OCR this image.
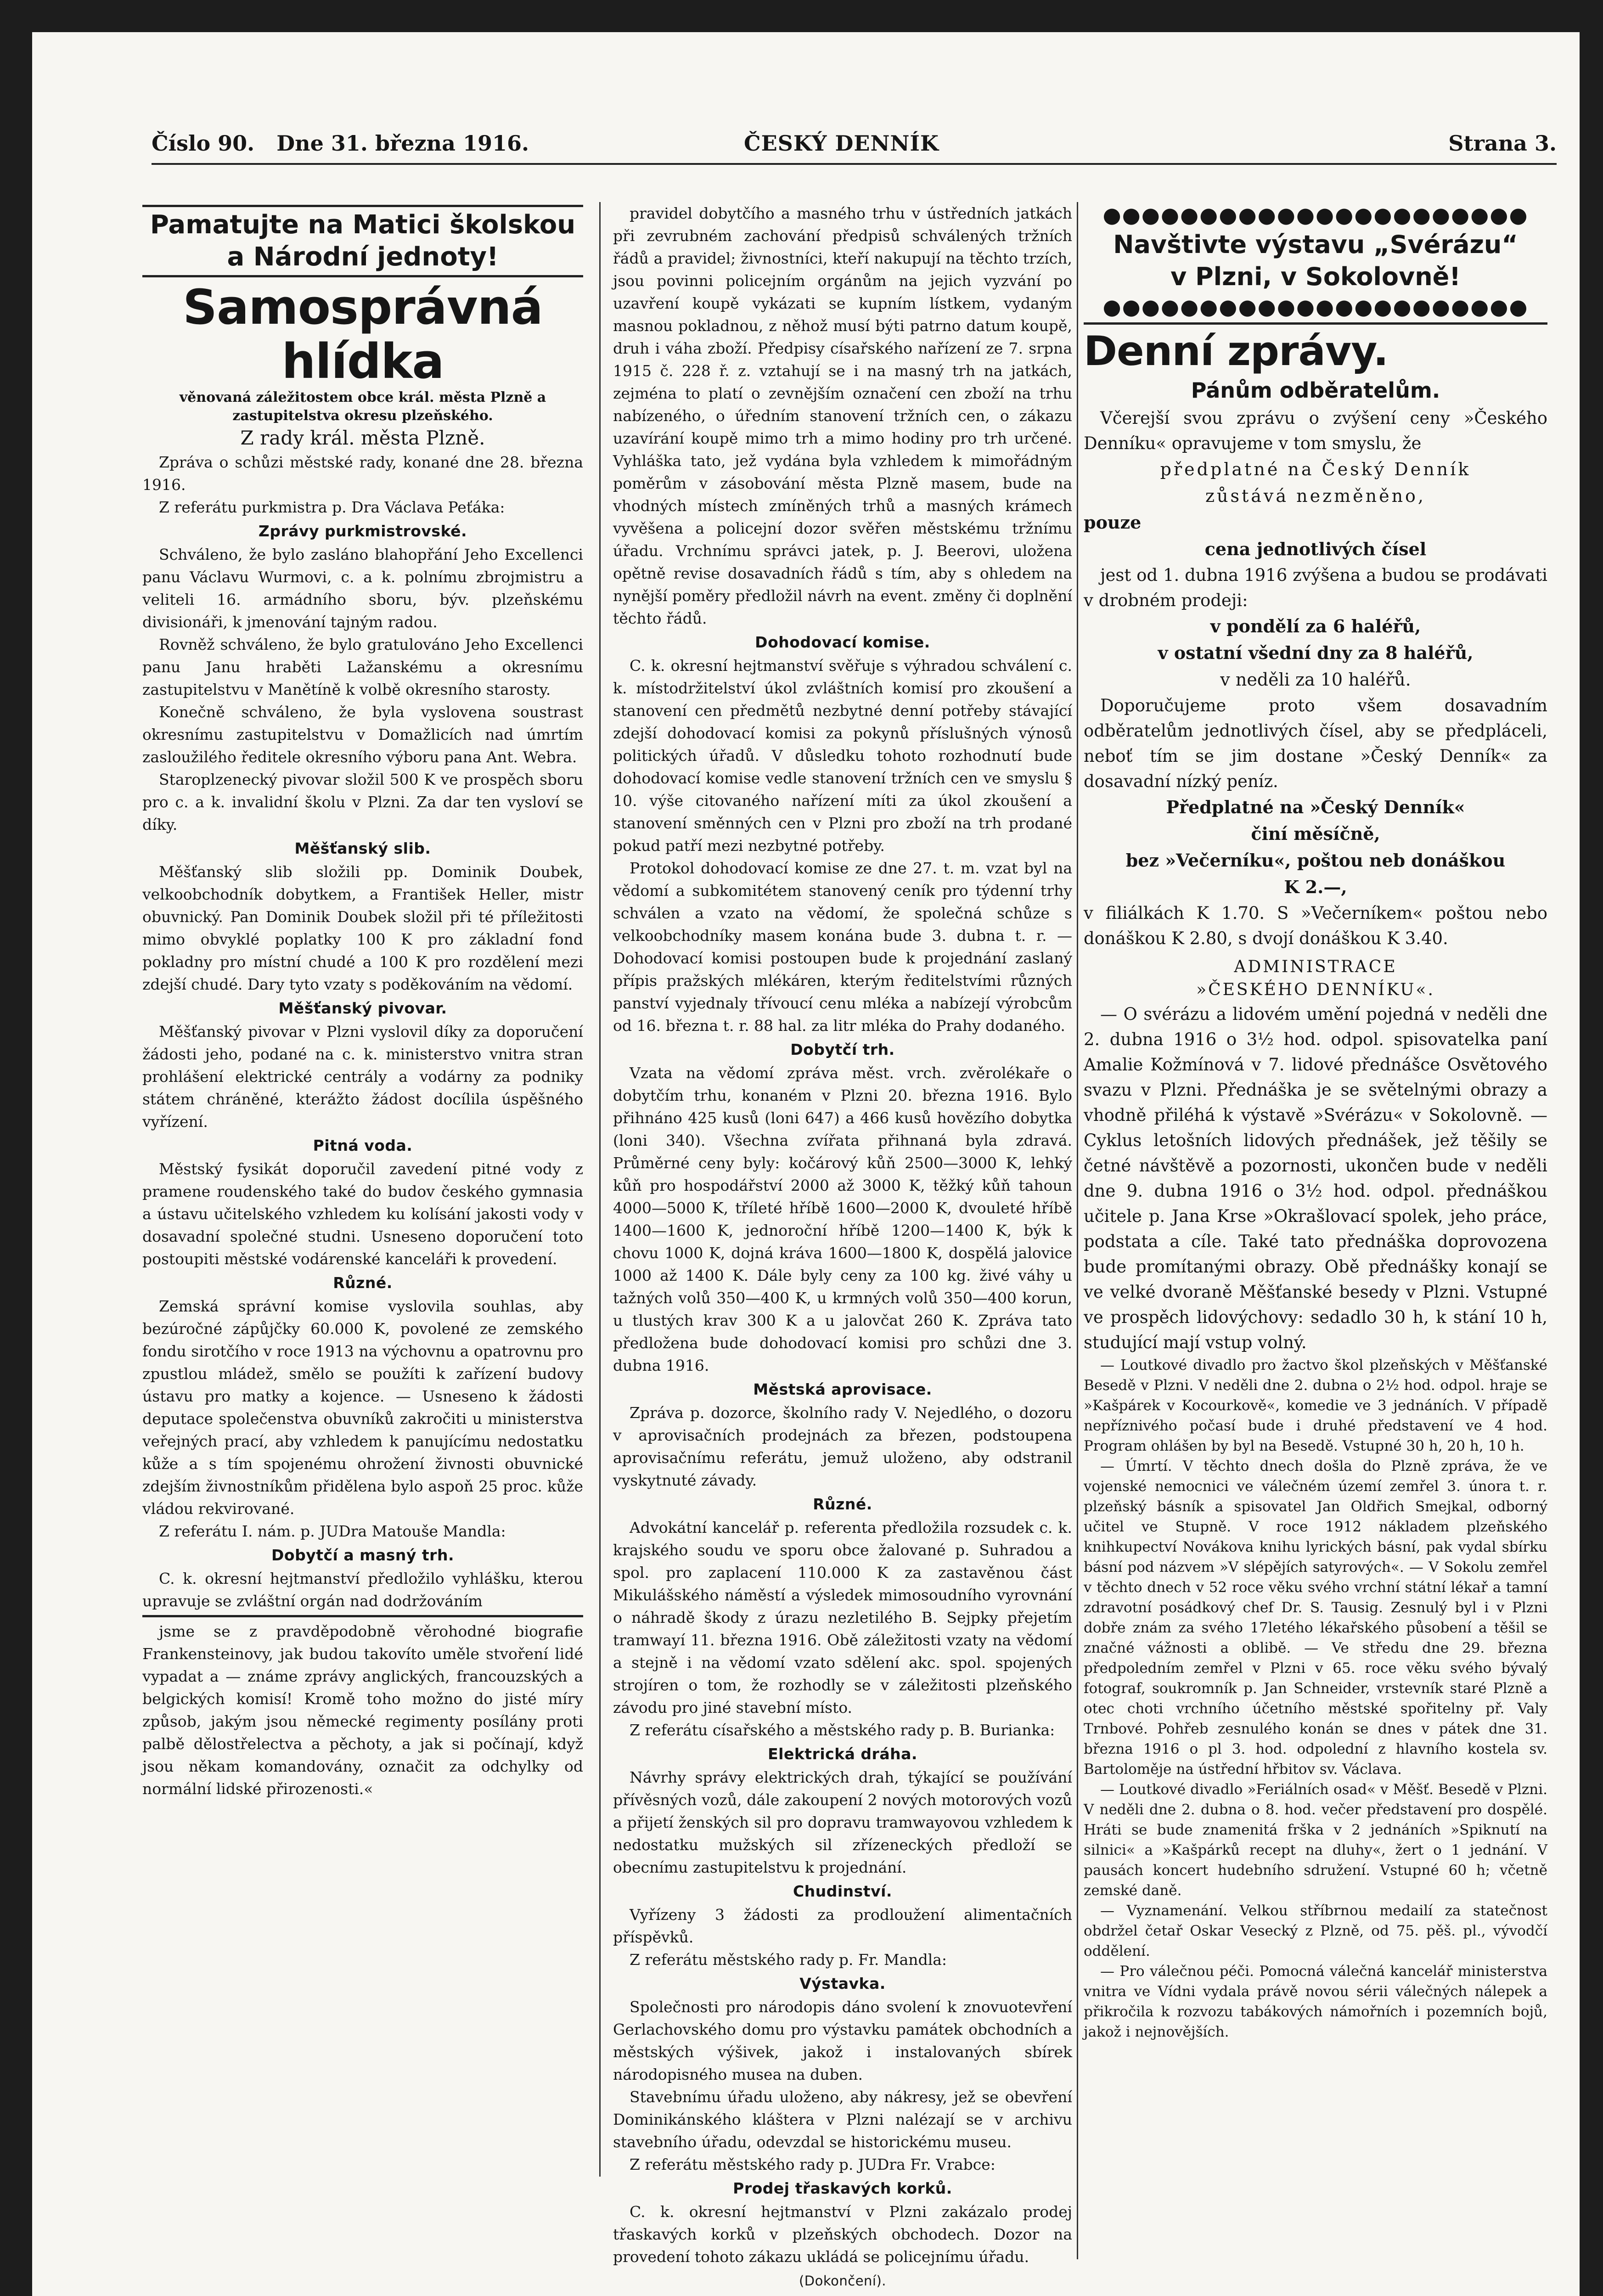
Číslo 90. Dne 31. března 1916.	ČESKÝ DENNÍK	Strana 3.
Pamatujte na Matici školskou
a Národní jednoty!
Samosprávná hlídka
věnovaná záležitostem obce král. města Plzně a zastupitelstva okresu plzeňského.
Z rady král. města Plzně.

Zpráva o schůzi městské rady, konané dne 28. března 1916.

Z referátu purkmistra p. Dra Václava Peťáka:

Zprávy purkmistrovské.

Schváleno, že bylo zasláno blahopřání Jeho Excellenci panu Václavu Wurmovi, c. a k. polnímu zbrojmistru a veliteli 16. armádního sboru, býv. plzeňskému divisionáři, k jmenování tajným radou.

Rovněž schváleno, že bylo gratulováno Jeho Excellenci panu Janu hraběti Lažanskému a okresnímu zastupitelstvu v Manětíně k volbě okresního starosty.

Konečně schváleno, že byla vyslovena soustrast okresnímu zastupitelstvu v Domažlicích nad úmrtím zasloužilého ředitele okresního výboru pana Ant. Webra.

Staroplzenecký pivovar složil 500 K ve prospěch sboru pro c. a k. invalidní školu v Plzni. Za dar ten vysloví se díky.

Měšťanský slib.

Měšťanský slib složili pp. Dominik Doubek, velkoobchodník dobytkem, a František Heller, mistr obuvnický. Pan Dominik Doubek složil při té příležitosti mimo obvyklé poplatky 100 K pro základní fond pokladny pro místní chudé a 100 K pro rozdělení mezi zdejší chudé. Dary tyto vzaty s poděkováním na vědomí.

Měšťanský pivovar.

Měšťanský pivovar v Plzni vyslovil díky za doporučení žádosti jeho, podané na c. k. ministerstvo vnitra stran prohlášení elektrické centrály a vodárny za podniky státem chráněné, kterážto žádost docílila úspěšného vyřízení.

Pitná voda.

Městský fysikát doporučil zavedení pitné vody z pramene roudenského také do budov českého gymnasia a ústavu učitelského vzhledem ku kolísání jakosti vody v dosavadní společné studni. Usneseno doporučení toto postoupiti městské vodárenské kanceláři k provedení.

Různé.

Zemská správní komise vyslovila souhlas, aby bezúročné zápůjčky 60.000 K, povolené ze zemského fondu sirotčího v roce 1913 na výchovnu a opatrovnu pro zpustlou mládež, smělo se použíti k zařízení budovy ústavu pro matky a kojence. — Usneseno k žádosti deputace společenstva obuvníků zakročiti u ministerstva veřejných prací, aby vzhledem k panujícímu nedostatku kůže a s tím spojenému ohrožení živnosti obuvnické zdejším živnostníkům přidělena bylo aspoň 25 proc. kůže vládou rekvirované.

Z referátu I. nám. p. JUDra Matouše Mandla:

Dobytčí a masný trh.

C. k. okresní hejtmanství předložilo vyhlášku, kterou upravuje se zvláštní orgán nad dodržováním

jsme se z pravděpodobně věrohodné biografie Frankensteinovy, jak budou takovíto uměle stvoření lidé vypadat a — známe zprávy anglických, francouzských a belgických komisí! Kromě toho možno do jisté míry způsob, jakým jsou německé regimenty posílány proti palbě dělostřelectva a pěchoty, a jak si počínají, když jsou někam komandovány, označit za odchylky od normální lidské přirozenosti.«

pravidel dobytčího a masného trhu v ústředních jatkách při zevrubném zachování předpisů schválených tržních řádů a pravidel; živnostníci, kteří nakupují na těchto trzích, jsou povinni policejním orgánům na jejich vyzvání po uzavření koupě vykázati se kupním lístkem, vydaným masnou pokladnou, z něhož musí býti patrno datum koupě, druh i váha zboží. Předpisy císařského nařízení ze 7. srpna 1915 č. 228 ř. z. vztahují se i na masný trh na jatkách, zejména to platí o zevnějším označení cen zboží na trhu nabízeného, o úředním stanovení tržních cen, o zákazu uzavírání koupě mimo trh a mimo hodiny pro trh určené. Vyhláška tato, jež vydána byla vzhledem k mimořádným poměrům v zásobování města Plzně masem, bude na vhodných místech zmíněných trhů a masných krámech vyvěšena a policejní dozor svěřen městskému tržnímu úřadu. Vrchnímu správci jatek, p. J. Beerovi, uložena opětně revise dosavadních řádů s tím, aby s ohledem na nynější poměry předložil návrh na event. změny či doplnění těchto řádů.

Dohodovací komise.

C. k. okresní hejtmanství svěřuje s výhradou schválení c. k. místodržitelství úkol zvláštních komisí pro zkoušení a stanovení cen předmětů nezbytné denní potřeby stávající zdejší dohodovací komisi za pokynů příslušných výnosů politických úřadů. V důsledku tohoto rozhodnutí bude dohodovací komise vedle stanovení tržních cen ve smyslu § 10. výše citovaného nařízení míti za úkol zkoušení a stanovení směnných cen v Plzni pro zboží na trh prodané pokud patří mezi nezbytné potřeby.

Protokol dohodovací komise ze dne 27. t. m. vzat byl na vědomí a subkomitétem stanovený ceník pro týdenní trhy schválen a vzato na vědomí, že společná schůze s velkoobchodníky masem konána bude 3. dubna t. r. — Dohodovací komisi postoupen bude k projednání zaslaný přípis pražských mlékáren, kterým ředitelstvími různých panství vyjednaly třívoucí cenu mléka a nabízejí výrobcům od 16. března t. r. 88 hal. za litr mléka do Prahy dodaného.

Dobytčí trh.

Vzata na vědomí zpráva měst. vrch. zvěrolékaře o dobytčím trhu, konaném v Plzni 20. března 1916. Bylo přihnáno 425 kusů (loni 647) a 466 kusů hovězího dobytka (loni 340). Všechna zvířata přihnaná byla zdravá. Průměrné ceny byly: kočárový kůň 2500—3000 K, lehký kůň pro hospodářství 2000 až 3000 K, těžký kůň tahoun 4000—5000 K, tříleté hříbě 1600—2000 K, dvouleté hříbě 1400—1600 K, jednoroční hříbě 1200—1400 K, býk k chovu 1000 K, dojná kráva 1600—1800 K, dospělá jalovice 1000 až 1400 K. Dále byly ceny za 100 kg. živé váhy u tažných volů 350—400 K, u krmných volů 350—400 korun, u tlustých krav 300 K a u jalovčat 260 K. Zpráva tato předložena bude dohodovací komisi pro schůzi dne 3. dubna 1916.

Městská aprovisace.

Zpráva p. dozorce, školního rady V. Nejedlého, o dozoru v aprovisačních prodejnách za březen, podstoupena aprovisačnímu referátu, jemuž uloženo, aby odstranil vyskytnuté závady.

Různé.

Advokátní kancelář p. referenta předložila rozsudek c. k. krajského soudu ve sporu obce žalované p. Suhradou a spol. pro zaplacení 110.000 K za zastavěnou část Mikulášského náměstí a výsledek mimosoudního vyrovnání o náhradě škody z úrazu nezletilého B. Sejpky přejetím tramwayí 11. března 1916. Obě záležitosti vzaty na vědomí a stejně i na vědomí vzato sdělení akc. spol. spojených strojíren o tom, že rozhodly se v záležitosti plzeňského závodu pro jiné stavební místo.

Z referátu císařského a městského rady p. B. Burianka:

Elektrická dráha.

Návrhy správy elektrických drah, týkající se používání přívěsných vozů, dále zakoupení 2 nových motorových vozů a přijetí ženských sil pro dopravu tramwayovou vzhledem k nedostatku mužských sil zřízeneckých předloží se obecnímu zastupitelstvu k projednání.

Chudinství.

Vyřízeny 3 žádosti za prodloužení alimentačních příspěvků.

Z referátu městského rady p. Fr. Mandla:

Výstavka.

Společnosti pro národopis dáno svolení k znovuotevření Gerlachovského domu pro výstavku památek obchodních a městských výšivek, jakož i instalovaných sbírek národopisného musea na duben.

Stavebnímu úřadu uloženo, aby nákresy, jež se obevření Dominikánského kláštera v Plzni nalézají se v archivu stavebního úřadu, odevzdal se historickému museu.

Z referátu městského rady p. JUDra Fr. Vrabce:

Prodej třaskavých korků.

C. k. okresní hejtmanství v Plzni zakázalo prodej třaskavých korků v plzeňských obchodech. Dozor na provedení tohoto zákazu ukládá se policejnímu úřadu.

(Dokončení).
●●●●●●●●●●●●●●●●●●●●●●
Navštivte výstavu „Svérázu“
v Plzni, v Sokolovně!
●●●●●●●●●●●●●●●●●●●●●●
Denní zprávy.
Pánům odběratelům.

Včerejší svou zprávu o zvýšení ceny »Českého Denníku« opravujeme v tom smyslu, že

předplatné na Český Denník

zůstává nezměněno,

pouze

cena jednotlivých čísel

jest od 1. dubna 1916 zvýšena a budou se prodávati v drobném prodeji:

v pondělí za 6 haléřů,

v ostatní všední dny za 8 haléřů,

v neděli za 10 haléřů.

Doporučujeme proto všem dosavadním odběratelům jednotlivých čísel, aby se předpláceli, neboť tím se jim dostane »Český Denník« za dosavadní nízký peníz.

Předplatné na »Český Denník«

činí měsíčně,

bez »Večerníku«, poštou neb donáškou

K 2.—,

v filiálkách K 1.70. S »Večerníkem« poštou nebo donáškou K 2.80, s dvojí donáškou K 3.40.

ADMINISTRACE

»ČESKÉHO DENNÍKU«.

— O svérázu a lidovém umění pojedná v neděli dne 2. dubna 1916 o 3½ hod. odpol. spisovatelka paní Amalie Kožmínová v 7. lidové přednášce Osvětového svazu v Plzni. Přednáška je se světelnými obrazy a vhodně přiléhá k výstavě »Svérázu« v Sokolovně. — Cyklus letošních lidových přednášek, jež těšily se četné návštěvě a pozornosti, ukončen bude v neděli dne 9. dubna 1916 o 3½ hod. odpol. přednáškou učitele p. Jana Krse »Okrašlovací spolek, jeho práce, podstata a cíle. Také tato přednáška doprovozena bude promítanými obrazy. Obě přednášky konají se ve velké dvoraně Měšťanské besedy v Plzni. Vstupné ve prospěch lidovýchovy: sedadlo 30 h, k stání 10 h, studující mají vstup volný.

— Loutkové divadlo pro žactvo škol plzeňských v Měšťanské Besedě v Plzni. V neděli dne 2. dubna o 2½ hod. odpol. hraje se »Kašpárek v Kocourkově«, komedie ve 3 jednáních. V případě nepříznivého počasí bude i druhé představení ve 4 hod. Program ohlášen by byl na Besedě. Vstupné 30 h, 20 h, 10 h.

— Úmrtí. V těchto dnech došla do Plzně zpráva, že ve vojenské nemocnici ve válečném území zemřel 3. února t. r. plzeňský básník a spisovatel Jan Oldřich Smejkal, odborný učitel ve Stupně. V roce 1912 nákladem plzeňského knihkupectví Novákova knihu lyrických básní, pak vydal sbírku básní pod názvem »V slépějích satyrových«. — V Sokolu zemřel v těchto dnech v 52 roce věku svého vrchní státní lékař a tamní zdravotní posádkový chef Dr. S. Tausig. Zesnulý byl i v Plzni dobře znám za svého 17letého lékařského působení a těšil se značné vážnosti a oblibě. — Ve středu dne 29. března předpoledním zemřel v Plzni v 65. roce věku svého bývalý fotograf, soukromník p. Jan Schneider, vrstevník staré Plzně a otec choti vrchního účetního městské spořitelny př. Valy Trnbové. Pohřeb zesnulého konán se dnes v pátek dne 31. března 1916 o pl 3. hod. odpolední z hlavního kostela sv. Bartoloměje na ústřední hřbitov sv. Václava.

— Loutkové divadlo »Feriálních osad« v Měšť. Besedě v Plzni. V neděli dne 2. dubna o 8. hod. večer představení pro dospělé. Hráti se bude znamenitá frška v 2 jednáních »Spiknutí na silnici« a »Kašpárků recept na dluhy«, žert o 1 jednání. V pausách koncert hudebního sdružení. Vstupné 60 h; včetně zemské daně.

— Vyznamenání. Velkou stříbrnou medailí za statečnost obdržel četař Oskar Vesecký z Plzně, od 75. pěš. pl., vývodčí oddělení.

— Pro válečnou péči. Pomocná válečná kancelář ministerstva vnitra ve Vídni vydala právě novou sérii válečných nálepek a přikročila k rozvozu tabákových námořních i pozemních bojů, jakož i nejnovějších.
